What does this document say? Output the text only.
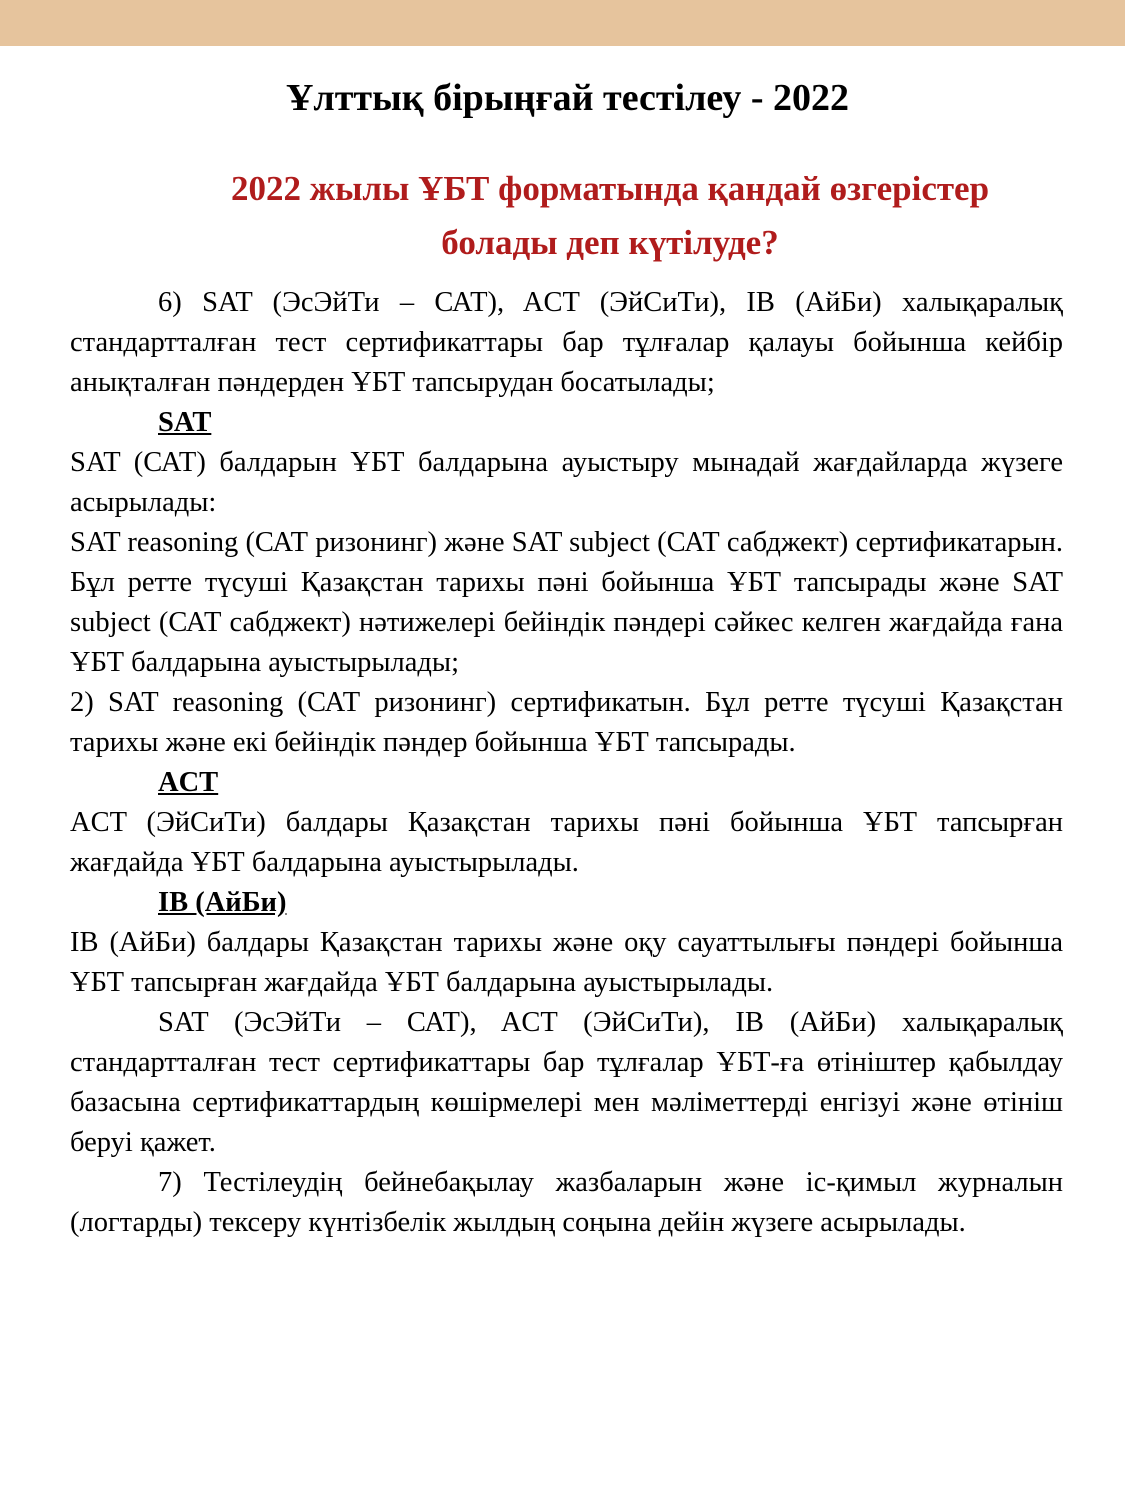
Ұлттық бірыңғай тестілеу - 2022
2022 жылы ҰБТ форматында қандай өзгерістер
болады деп күтілуде?

6) SAT (ЭсЭйТи – САТ), ACT (ЭйСиТи), IB (АйБи) халықаралық стандартталған тест сертификаттары бар тұлғалар қалауы бойынша кейбір анықталған пәндерден ҰБТ тапсырудан босатылады;

SAT

SAT (САТ) балдарын ҰБТ балдарына ауыстыру мынадай жағдайларда жүзеге асырылады:

SAT reasoning (САТ ризонинг) және SAT subject (САТ сабджект) сертификатарын. Бұл ретте түсуші Қазақстан тарихы пәні бойынша ҰБТ тапсырады және SAT subject (САТ сабджект) нәтижелері бейіндік пәндері сәйкес келген жағдайда ғана ҰБТ балдарына ауыстырылады;

2) SAT reasoning (САТ ризонинг) сертификатын. Бұл ретте түсуші Қазақстан тарихы және екі бейіндік пәндер бойынша ҰБТ тапсырады.

ACT

ACT (ЭйСиТи) балдары Қазақстан тарихы пәні бойынша ҰБТ тапсырған жағдайда ҰБТ балдарына ауыстырылады.

IB (АйБи)

IB (АйБи) балдары Қазақстан тарихы және оқу сауаттылығы пәндері бойынша ҰБТ тапсырған жағдайда ҰБТ балдарына ауыстырылады.

SAT (ЭсЭйТи – САТ), ACT (ЭйСиТи), IB (АйБи) халықаралық стандартталған тест сертификаттары бар тұлғалар ҰБТ-ға өтініштер қабылдау базасына сертификаттардың көшірмелері мен мәліметтерді енгізуі және өтініш беруі қажет.

7) Тестілеудің бейнебақылау жазбаларын және іс-қимыл журналын (логтарды) тексеру күнтізбелік жылдың соңына дейін жүзеге асырылады.
